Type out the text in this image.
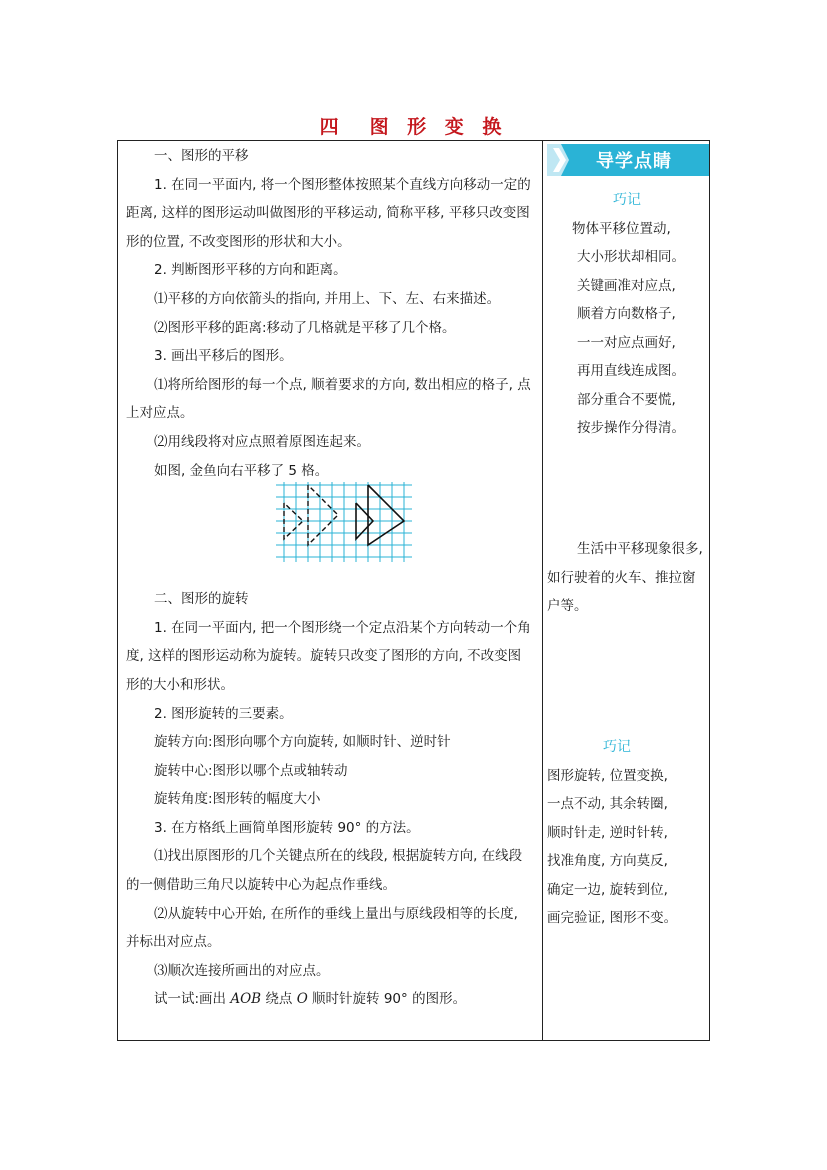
四　图 形 变 换

一、图形的平移

1. 在同一平面内, 将一个图形整体按照某个直线方向移动一定的距离, 这样的图形运动叫做图形的平移运动, 简称平移, 平移只改变图形的位置, 不改变图形的形状和大小。

2. 判断图形平移的方向和距离。

⑴平移的方向依箭头的指向, 并用上、下、左、右来描述。

⑵图形平移的距离:移动了几格就是平移了几个格。

3. 画出平移后的图形。

⑴将所给图形的每一个点, 顺着要求的方向, 数出相应的格子, 点上对应点。

⑵用线段将对应点照着原图连起来。

如图, 金鱼向右平移了 5 格。

二、图形的旋转

1. 在同一平面内, 把一个图形绕一个定点沿某个方向转动一个角度, 这样的图形运动称为旋转。旋转只改变了图形的方向, 不改变图形的大小和形状。

2. 图形旋转的三要素。

旋转方向:图形向哪个方向旋转, 如顺时针、逆时针

旋转中心:图形以哪个点或轴转动

旋转角度:图形转的幅度大小

3. 在方格纸上画简单图形旋转 90° 的方法。

⑴找出原图形的几个关键点所在的线段, 根据旋转方向, 在线段的一侧借助三角尺以旋转中心为起点作垂线。

⑵从旋转中心开始, 在所作的垂线上量出与原线段相等的长度, 并标出对应点。

⑶顺次连接所画出的对应点。

试一试:画出 AOB 绕点 O 顺时针旋转 90° 的图形。

导学点睛

巧记

物体平移位置动,

大小形状却相同。

关键画准对应点,

顺着方向数格子,

一一对应点画好,

再用直线连成图。

部分重合不要慌,

按步操作分得清。

生活中平移现象很多, 如行驶着的火车、推拉窗户等。

巧记

图形旋转, 位置变换,

一点不动, 其余转圈,

顺时针走, 逆时针转,

找准角度, 方向莫反,

确定一边, 旋转到位,

画完验证, 图形不变。
